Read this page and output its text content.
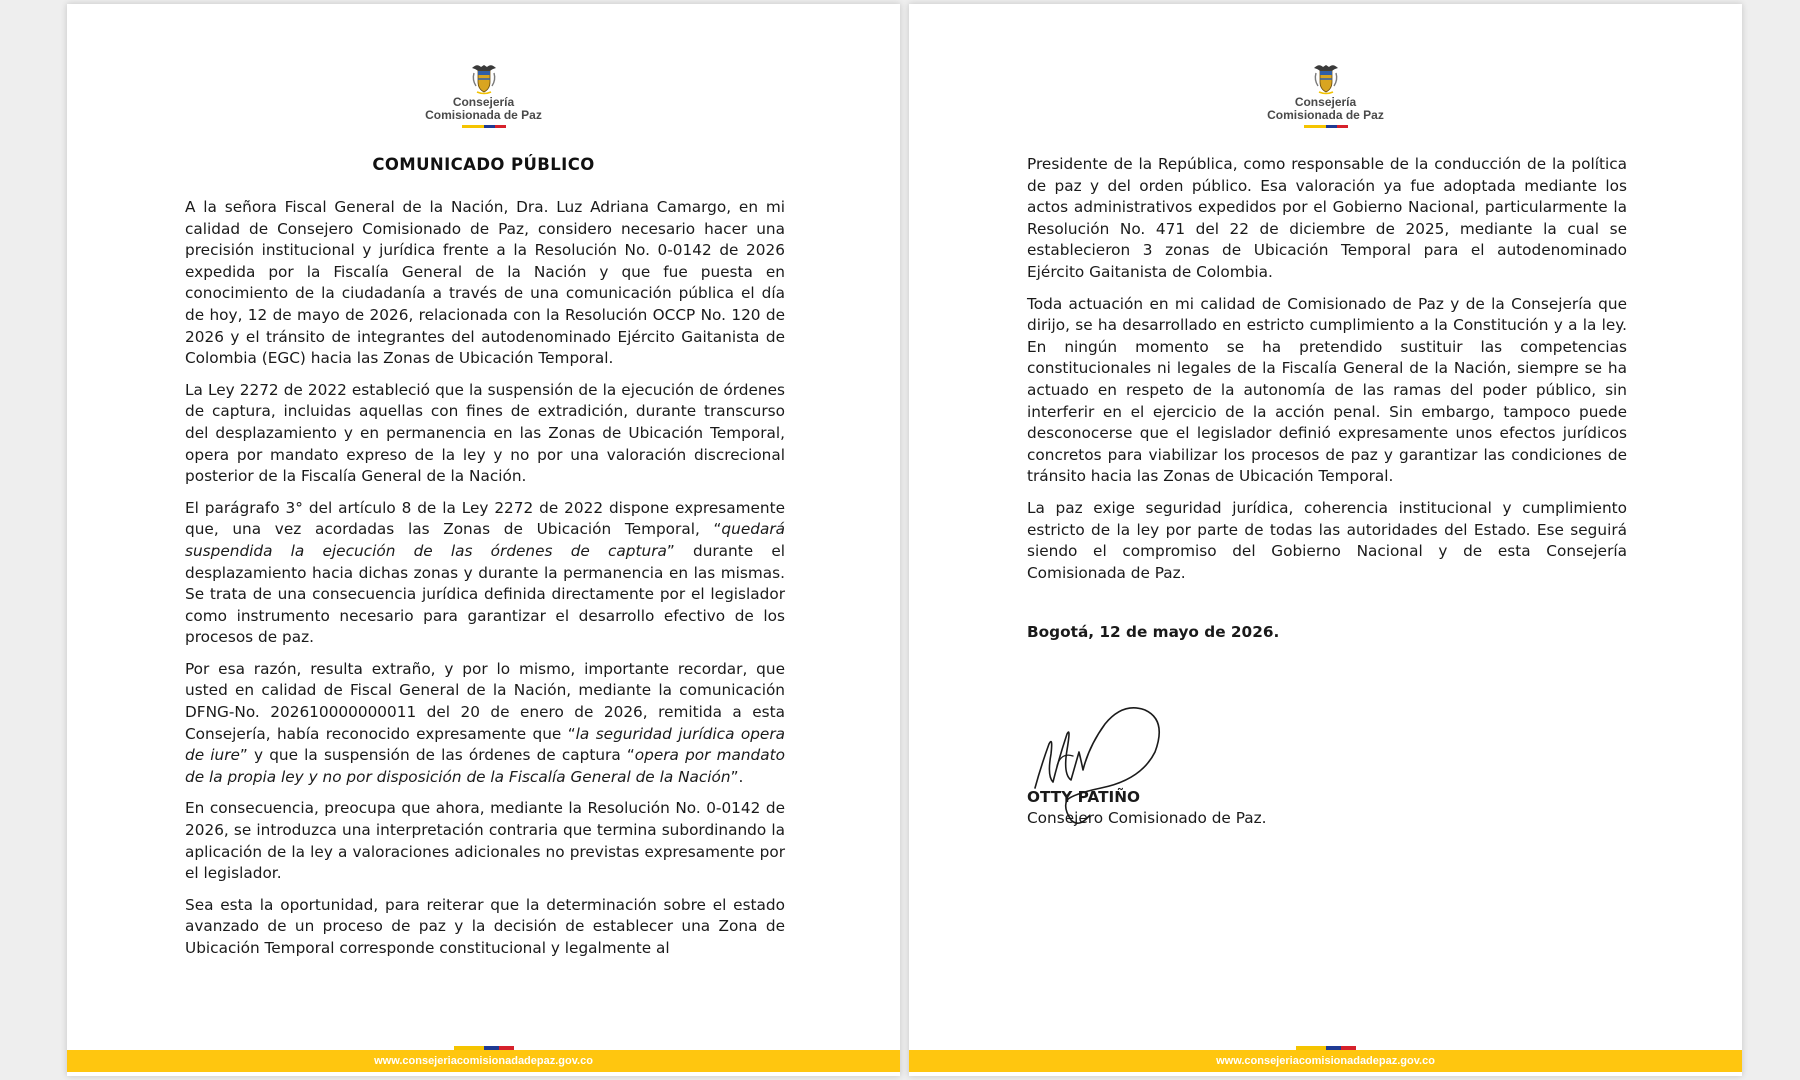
Consejería
Comisionada de Paz
COMUNICADO PÚBLICO

A la señora Fiscal General de la Nación, Dra. Luz Adriana Camargo, en mi calidad de Consejero Comisionado de Paz, considero necesario hacer una precisión institucional y jurídica frente a la Resolución No. 0-0142 de 2026 expedida por la Fiscalía General de la Nación y que fue puesta en conocimiento de la ciudadanía a través de una comunicación pública el día de hoy, 12 de mayo de 2026, relacionada con la Resolución OCCP No. 120 de 2026 y el tránsito de integrantes del autodenominado Ejército Gaitanista de Colombia (EGC) hacia las Zonas de Ubicación Temporal.

La Ley 2272 de 2022 estableció que la suspensión de la ejecución de órdenes de captura, incluidas aquellas con fines de extradición, durante transcurso del desplazamiento y en permanencia en las Zonas de Ubicación Temporal, opera por mandato expreso de la ley y no por una valoración discrecional posterior de la Fiscalía General de la Nación.

El parágrafo 3° del artículo 8 de la Ley 2272 de 2022 dispone expresamente que, una vez acordadas las Zonas de Ubicación Temporal, “quedará suspendida la ejecución de las órdenes de captura” durante el desplazamiento hacia dichas zonas y durante la permanencia en las mismas. Se trata de una consecuencia jurídica definida directamente por el legislador como instrumento necesario para garantizar el desarrollo efectivo de los procesos de paz.

Por esa razón, resulta extraño, y por lo mismo, importante recordar, que usted en calidad de Fiscal General de la Nación, mediante la comunicación DFNG-No. 202610000000011 del 20 de enero de 2026, remitida a esta Consejería, había reconocido expresamente que “la seguridad jurídica opera de iure” y que la suspensión de las órdenes de captura “opera por mandato de la propia ley y no por disposición de la Fiscalía General de la Nación”.

En consecuencia, preocupa que ahora, mediante la Resolución No. 0-0142 de 2026, se introduzca una interpretación contraria que termina subordinando la aplicación de la ley a valoraciones adicionales no previstas expresamente por el legislador.

Sea esta la oportunidad, para reiterar que la determinación sobre el estado avanzado de un proceso de paz y la decisión de establecer una Zona de Ubicación Temporal corresponde constitucional y legalmente al

www.consejeriacomisionadadepaz.gov.co
Consejería
Comisionada de Paz

Presidente de la República, como responsable de la conducción de la política de paz y del orden público. Esa valoración ya fue adoptada mediante los actos administrativos expedidos por el Gobierno Nacional, particularmente la Resolución No. 471 del 22 de diciembre de 2025, mediante la cual se establecieron 3 zonas de Ubicación Temporal para el autodenominado Ejército Gaitanista de Colombia.

Toda actuación en mi calidad de Comisionado de Paz y de la Consejería que dirijo, se ha desarrollado en estricto cumplimiento a la Constitución y a la ley. En ningún momento se ha pretendido sustituir las competencias constitucionales ni legales de la Fiscalía General de la Nación, siempre se ha actuado en respeto de la autonomía de las ramas del poder público, sin interferir en el ejercicio de la acción penal. Sin embargo, tampoco puede desconocerse que el legislador definió expresamente unos efectos jurídicos concretos para viabilizar los procesos de paz y garantizar las condiciones de tránsito hacia las Zonas de Ubicación Temporal.

La paz exige seguridad jurídica, coherencia institucional y cumplimiento estricto de la ley por parte de todas las autoridades del Estado. Ese seguirá siendo el compromiso del Gobierno Nacional y de esta Consejería Comisionada de Paz.

Bogotá, 12 de mayo de 2026.
OTTY PATIÑO
Consejero Comisionado de Paz.
www.consejeriacomisionadadepaz.gov.co
